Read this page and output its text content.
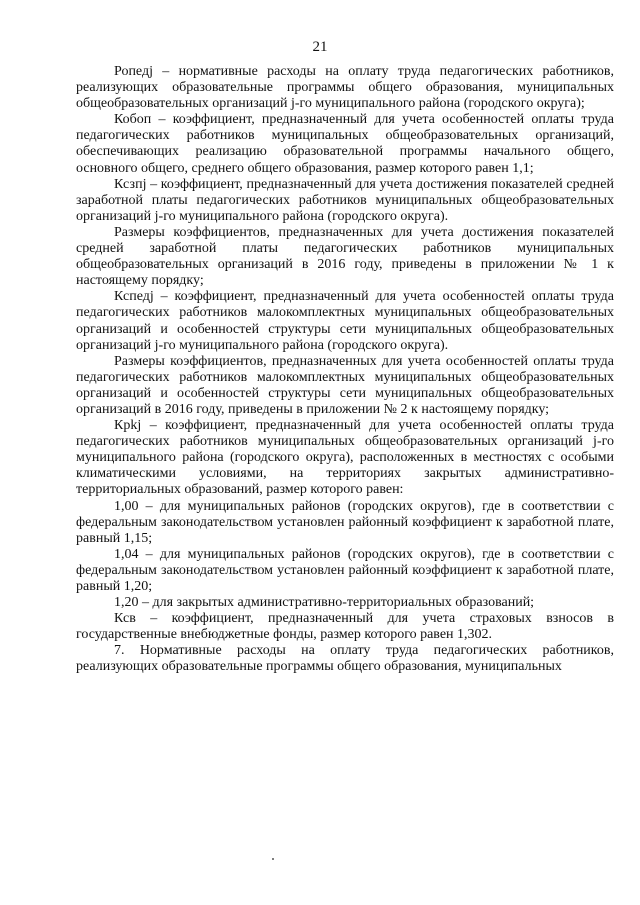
21

Ропедj – нормативные расходы на оплату труда педагогических работников, реализующих образовательные программы общего образования, муниципальных общеобразовательных организаций j-го муниципального района (городского округа);

Кобоп – коэффициент, предназначенный для учета особенностей оплаты труда педагогических работников муниципальных общеобразовательных организаций, обеспечивающих реализацию образовательной программы начального общего, основного общего, среднего общего образования, размер которого равен 1,1;

Ксзпj – коэффициент, предназначенный для учета достижения показателей средней заработной платы педагогических работников муниципальных общеобразовательных организаций j-го муниципального района (городского округа).

Размеры коэффициентов, предназначенных для учета достижения показателей средней заработной платы педагогических работников муниципальных общеобразовательных организаций в 2016 году, приведены в приложении № 1 к настоящему порядку;

Кспедj – коэффициент, предназначенный для учета особенностей оплаты труда педагогических работников малокомплектных муниципальных общеобразовательных организаций и особенностей структуры сети муниципальных общеобразовательных организаций j-го муниципального района (городского округа).

Размеры коэффициентов, предназначенных для учета особенностей оплаты труда педагогических работников малокомплектных муниципальных общеобразовательных организаций и особенностей структуры сети муниципальных общеобразовательных организаций в 2016 году, приведены в приложении № 2 к настоящему порядку;

Крkj – коэффициент, предназначенный для учета особенностей оплаты труда педагогических работников муниципальных общеобразовательных организаций j-го муниципального района (городского округа), расположенных в местностях с особыми климатическими условиями, на территориях закрытых административно-территориальных образований, размер которого равен:

1,00 – для муниципальных районов (городских округов), где в соответствии с федеральным законодательством установлен районный коэффициент к заработной плате, равный 1,15;

1,04 – для муниципальных районов (городских округов), где в соответствии с федеральным законодательством установлен районный коэффициент к заработной плате, равный 1,20;

1,20 – для закрытых административно-территориальных образований;

Ксв – коэффициент, предназначенный для учета страховых взносов в государственные внебюджетные фонды, размер которого равен 1,302.

7. Нормативные расходы на оплату труда педагогических работников, реализующих образовательные программы общего образования, муниципальных
